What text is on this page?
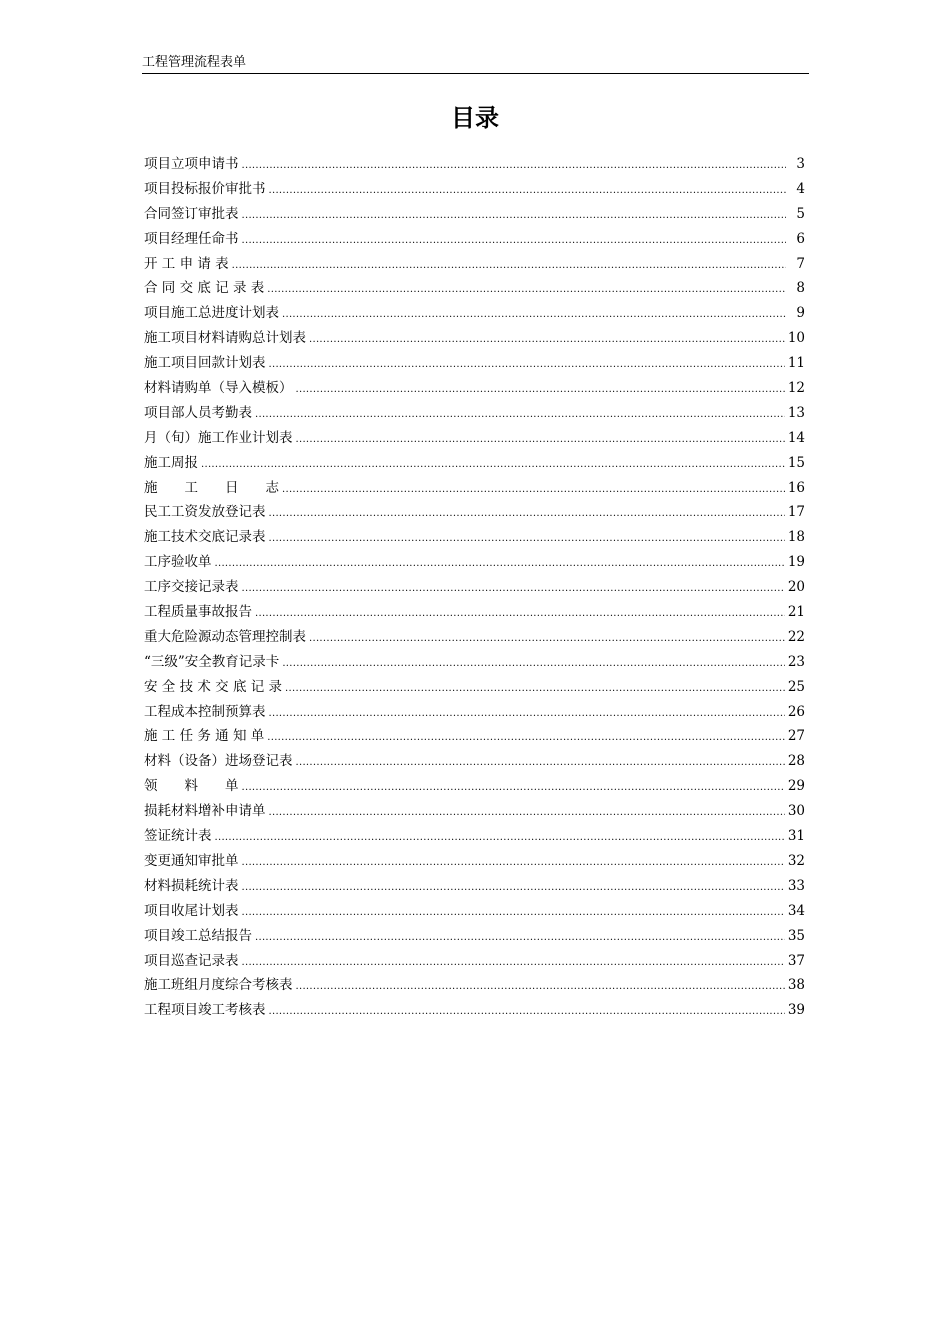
工程管理流程表单
目录
项目立项申请书 .....	3
项目投标报价审批书 .....	4
合同签订审批表 .....	5
项目经理任命书 .....	6
开 工 申 请 表 .....	7
合 同 交 底 记 录 表 .....	8
项目施工总进度计划表 .....	9
施工项目材料请购总计划表 .....	10
施工项目回款计划表 .....	11
材料请购单（导入模板） .....	12
项目部人员考勤表 .....	13
月（旬）施工作业计划表 .....	14
施工周报 .....	15
施　　工　　日　　志 .....	16
民工工资发放登记表 .....	17
施工技术交底记录表 .....	18
工序验收单 .....	19
工序交接记录表 .....	20
工程质量事故报告 .....	21
重大危险源动态管理控制表 .....	22
“三级”安全教育记录卡 .....	23
安 全 技 术 交 底 记 录 .....	25
工程成本控制预算表 .....	26
施 工 任 务 通 知 单 .....	27
材料（设备）进场登记表 .....	28
领　　料　　单 .....	29
损耗材料增补申请单 .....	30
签证统计表 .....	31
变更通知审批单 .....	32
材料损耗统计表 .....	33
项目收尾计划表 .....	34
项目竣工总结报告 .....	35
项目巡查记录表 .....	37
施工班组月度综合考核表 .....	38
工程项目竣工考核表 .....	39
